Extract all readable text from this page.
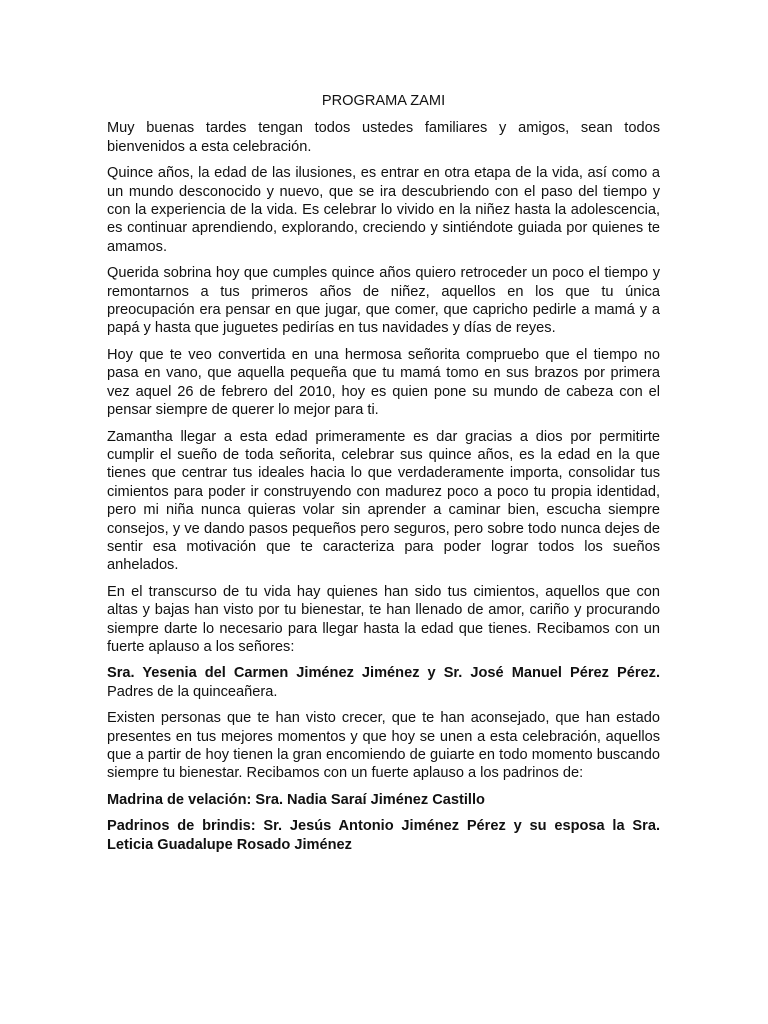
PROGRAMA ZAMI

Muy buenas tardes tengan todos ustedes familiares y amigos, sean todos bienvenidos a esta celebración.

Quince años, la edad de las ilusiones, es entrar en otra etapa de la vida, así como a un mundo desconocido y nuevo, que se ira descubriendo con el paso del tiempo y con la experiencia de la vida. Es celebrar lo vivido en la niñez hasta la adolescencia, es continuar aprendiendo, explorando, creciendo y sintiéndote guiada por quienes te amamos.

Querida sobrina hoy que cumples quince años quiero retroceder un poco el tiempo y remontarnos a tus primeros años de niñez, aquellos en los que tu única preocupación era pensar en que jugar, que comer, que capricho pedirle a mamá y a papá y hasta que juguetes pedirías en tus navidades y días de reyes.

Hoy que te veo convertida en una hermosa señorita compruebo que el tiempo no pasa en vano, que aquella pequeña que tu mamá tomo en sus brazos por primera vez aquel 26 de febrero del 2010, hoy es quien pone su mundo de cabeza con el pensar siempre de querer lo mejor para ti.

Zamantha llegar a esta edad primeramente es dar gracias a dios por permitirte cumplir el sueño de toda señorita, celebrar sus quince años, es la edad en la que tienes que centrar tus ideales hacia lo que verdaderamente importa, consolidar tus cimientos para poder ir construyendo con madurez poco a poco tu propia identidad, pero mi niña nunca quieras volar sin aprender a caminar bien, escucha siempre consejos, y ve dando pasos pequeños pero seguros, pero sobre todo nunca dejes de sentir esa motivación que te caracteriza para poder lograr todos los sueños anhelados.

En el transcurso de tu vida hay quienes han sido tus cimientos, aquellos que con altas y bajas han visto por tu bienestar, te han llenado de amor, cariño y procurando siempre darte lo necesario para llegar hasta la edad que tienes. Recibamos con un fuerte aplauso a los señores:

Sra. Yesenia del Carmen Jiménez Jiménez y Sr. José Manuel Pérez Pérez. Padres de la quinceañera.

Existen personas que te han visto crecer, que te han aconsejado, que han estado presentes en tus mejores momentos y que hoy se unen a esta celebración, aquellos que a partir de hoy tienen la gran encomiendo de guiarte en todo momento buscando siempre tu bienestar. Recibamos con un fuerte aplauso a los padrinos de:

Madrina de velación: Sra. Nadia Saraí Jiménez Castillo

Padrinos de brindis: Sr. Jesús Antonio Jiménez Pérez y su esposa la Sra. Leticia Guadalupe Rosado Jiménez
